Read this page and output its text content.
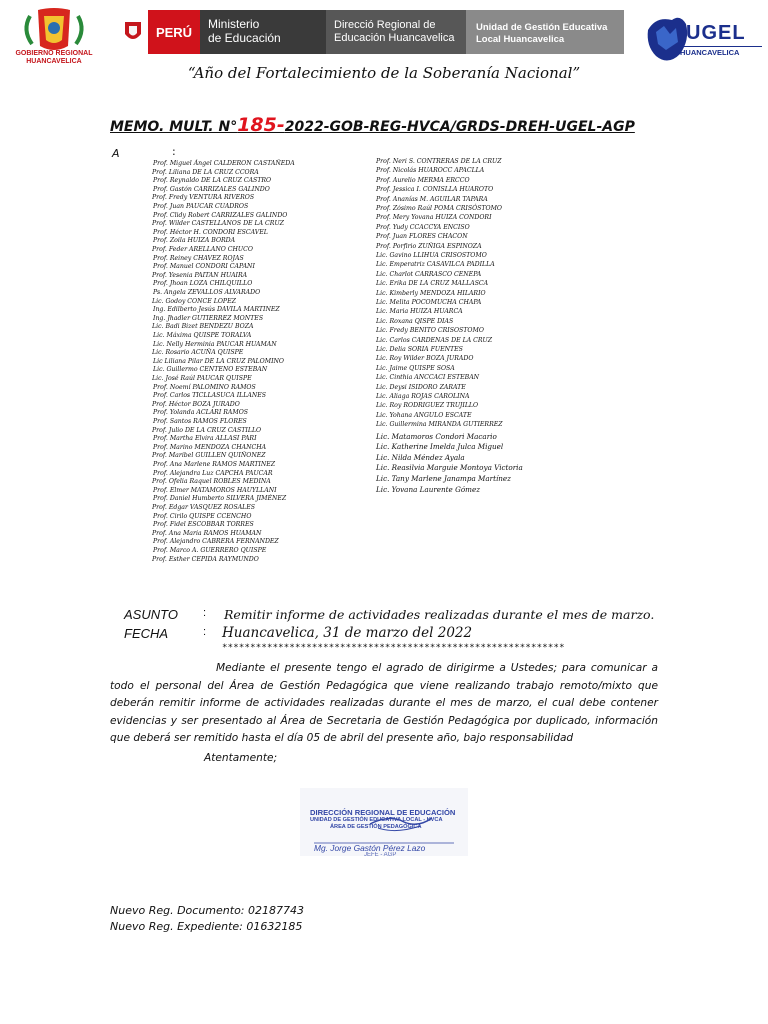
GOBIERNO REGIONAL HUANCAVELICA
PERÚ
Ministerio
de Educación
Direcció Regional de
Educación Huancavelica
Unidad de Gestión Educativa
Local Huancavelica	UGEL
HUANCAVELICA
“Año del Fortalecimiento de la Soberanía Nacional”
MEMO. MULT. N°185-2022-GOB-REG-HVCA/GRDS-DREH-UGEL-AGP
A	:
Prof. Miguel Ángel CALDERON CASTAÑEDA
Prof. Liliana DE LA CRUZ CCORA
Prof. Reynaldo DE LA CRUZ CASTRO
Prof. Gastón CARRIZALES GALINDO
Prof. Fredy VENTURA RIVEROS
Prof. Juan PAUCAR CUADROS
Prof. Clidy Robert CARRIZALES GALINDO
Prof. Wilder CASTELLANOS DE LA CRUZ
Prof. Héctor H. CONDORI ESCAVEL
Prof. Zoila HUIZA BORDA
Prof. Feder ARELLANO CHUCO
Prof. Reiney CHAVEZ ROJAS
Prof. Manuel CONDORI CAPANI
Prof. Yesenia PAITAN HUAIRA
Prof. Jhoan LOZA CHILQUILLO
Ps. Angela ZEVALLOS ALVARADO
Lic. Godoy CONCE LOPEZ
Ing. Edilberto Jesús DAVILA MARTINEZ
Ing. Jhadler GUTIERREZ MONTES
Lic. Badi Bizet BENDEZU BOZA
Lic. Máxima QUISPE TORALVA
Lic. Nelly Herminia PAUCAR HUAMAN
Lic. Rosario ACUÑA QUISPE
Lic Liliana Pilar DE LA CRUZ PALOMINO
Lic. Guillermo CENTENO ESTEBAN
Lic. José Raúl PAUCAR QUISPE
Prof. Noemí PALOMINO RAMOS
Prof. Carlos TICLLASUCA ILLANES
Prof. Héctor BOZA JURADO
Prof. Yolanda ACLARI RAMOS
Prof. Santos RAMOS FLORES
Prof. Julio DE LA CRUZ CASTILLO
Prof. Martha Elvira ALLASI PARI
Prof. Marino MENDOZA CHANCHA
Prof. Maribel GUILLEN QUIÑONEZ
Prof. Ana Marlene RAMOS MARTINEZ
Prof. Alejandra Luz CAPCHA PAUCAR
Prof. Ofelia Raquel ROBLES MEDINA
Prof. Elmer MATAMOROS HAUYLLANI
Prof. Daniel Humberto SILVERA JIMÉNEZ
Prof. Edgar VASQUEZ ROSALES
Prof. Cirilo QUISPE CCENCHO
Prof. Fidel ESCOBBAR TORRES
Prof. Ana Maria RAMOS HUAMAN
Prof. Alejandro CABRERA FERNANDEZ
Prof. Marco A. GUERRERO QUISPE
Prof. Esther CEPIDA RAYMUNDO
Prof. Neri S. CONTRERAS DE LA CRUZ
Prof. Nicolás HUAROCC APACLLA
Prof. Aurelio MERMA ERCCO
Prof. Jessica I. CONISLLA HUAROTO
Prof. Ananías M. AGUILAR TAPARA
Prof. Zósimo Raúl POMA CRISÓSTOMO
Prof. Mery Yovana HUIZA CONDORI
Prof. Yudy CCACCYA ENCISO
Prof. Juan FLORES CHACON
Prof. Porfirio ZUÑIGA ESPINOZA
Lic. Gavino LLIHUA CRISOSTOMO
Lic. Emperatriz CASAVILCA PADILLA
Lic. Charlot CARRASCO CENEPA
Lic. Erika DE LA CRUZ MALLASCA
Lic. Kimberly MENDOZA HILARIO
Lic. Melita POCOMUCHA CHAPA
Lic. Maria HUIZA HUARCA
Lic. Roxana QISPE DIAS
Lic. Fredy BENITO CRISOSTOMO
Lic. Carlos CARDENAS DE LA CRUZ
Lic. Delia SORIA FUENTES
Lic. Roy Wilder BOZA JURADO
Lic. Jaime QUISPE SOSA
Lic. Cinthia ANCCACI ESTEBAN
Lic. Deysi ISIDORO ZARATE
Lic. Aliaga ROJAS CAROLINA
Lic. Roy RODRIGUEZ TRUJILLO
Lic. Yohana ANGULO ESCATE
Lic. Guillermina MIRANDA GUTIERREZ
Lic. Matamoros Condori Macario
Lic. Katherine Imelda Julca Miguel
Lic. Nilda Méndez Ayala
Lic. Reasilvia Marguie Montoya Victoria
Lic. Tany Marlene Janampa Martínez
Lic. Yovana Laurente Gómez
ASUNTO : Remitir informe de actividades realizadas durante el mes de marzo.
FECHA	: Huancavelica, 31 de marzo del 2022
*************************************************************
Mediante el presente tengo el agrado de dirigirme a Ustedes; para comunicar a todo el personal del Área de Gestión Pedagógica que viene realizando trabajo remoto/mixto que deberán remitir informe de actividades realizadas durante el mes de marzo, el cual debe contener evidencias y ser presentado al Área de Secretaria de Gestión Pedagógica por duplicado, información que deberá ser remitido hasta el día 05 de abril del presente año, bajo responsabilidad
Atentamente;
DIRECCIÓN REGIONAL DE EDUCACIÓN
UNIDAD DE GESTIÓN EDUCATIVA LOCAL - HVCA
ÁREA DE GESTIÓN PEDAGÓGICA
Mg. Jorge Gastón Pérez Lazo
JEFE - AGP
Nuevo Reg. Documento: 02187743
Nuevo Reg. Expediente: 01632185
